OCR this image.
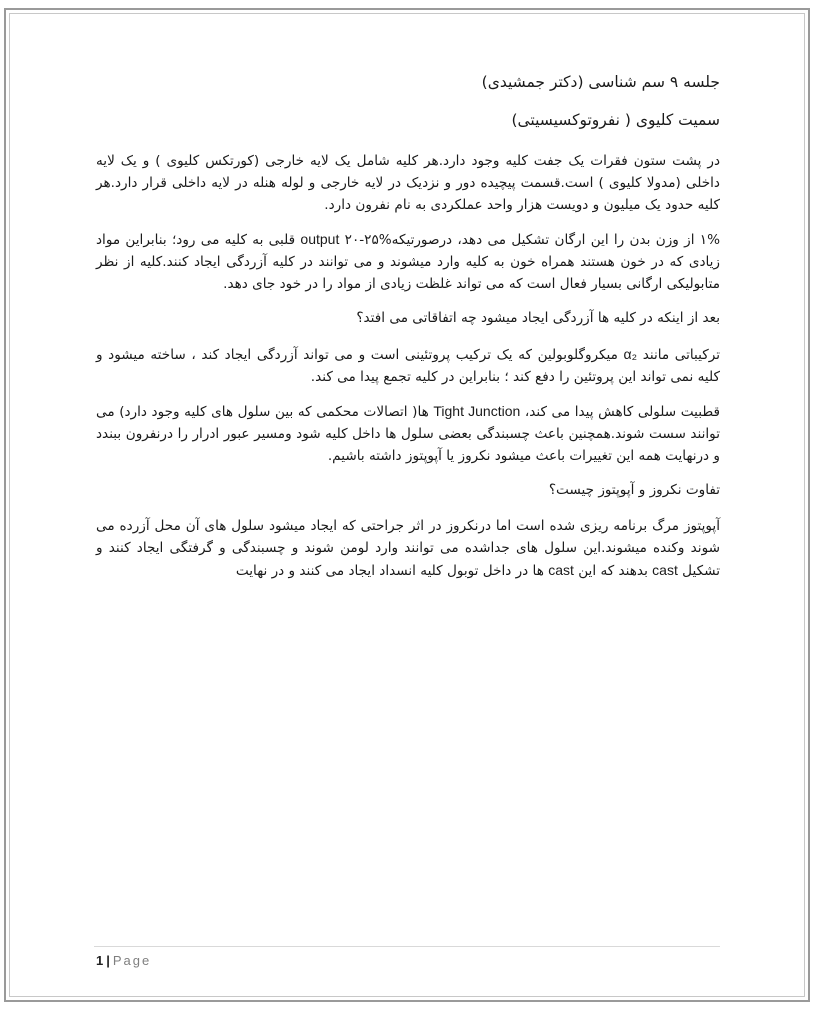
جلسه ۹ سم شناسی (دکتر جمشیدی)

سمیت کلیوی ( نفروتوکسیسیتی)

در پشت ستون فقرات یک جفت کلیه وجود دارد.هر کلیه شامل یک لایه خارجی (کورتکس کلیوی ) و یک لایه داخلی (مدولا کلیوی ) است.قسمت پیچیده دور و نزدیک در لایه خارجی و لوله هنله در لایه داخلی قرار دارد.هر کلیه حدود یک میلیون و دویست هزار واحد عملکردی به نام نفرون دارد.

۱% از وزن بدن را این ارگان تشکیل می دهد، درصورتیکه%۲۵-۲۰ output قلبی به کلیه می رود؛ بنابراین مواد زیادی که در خون هستند همراه خون به کلیه وارد میشوند و می توانند در کلیه آزردگی ایجاد کنند.کلیه از نظر متابولیکی ارگانی بسیار فعال است که می تواند غلظت زیادی از مواد را در خود جای دهد.

بعد از اینکه در کلیه ها آزردگی ایجاد میشود چه اتفاقاتی می افتد؟

ترکیباتی مانند α₂ میکروگلوبولین که یک ترکیب پروتئینی است و می تواند آزردگی ایجاد کند ، ساخته میشود و کلیه نمی تواند این پروتئین را دفع کند ؛ بنابراین در کلیه تجمع پیدا می کند.

قطبیت سلولی کاهش پیدا می کند، Tight Junction ها( اتصالات محکمی که بین سلول های کلیه وجود دارد) می توانند سست شوند.همچنین باعث چسبندگی بعضی سلول ها داخل کلیه شود ومسیر عبور ادرار را درنفرون ببندد و درنهایت همه این تغییرات باعث میشود نکروز یا آپوپتوز داشته باشیم.

تفاوت نکروز و آپوپتوز چیست؟

آپوپتوز مرگ برنامه ریزی شده است اما درنکروز در اثر جراحتی که ایجاد میشود سلول های آن محل آزرده می شوند وکنده میشوند.این سلول های جداشده می توانند وارد لومن شوند و چسبندگی و گرفتگی ایجاد کنند و تشکیل cast بدهند که این cast ها در داخل توبول کلیه انسداد ایجاد می کنند و در نهایت

1 | Page
